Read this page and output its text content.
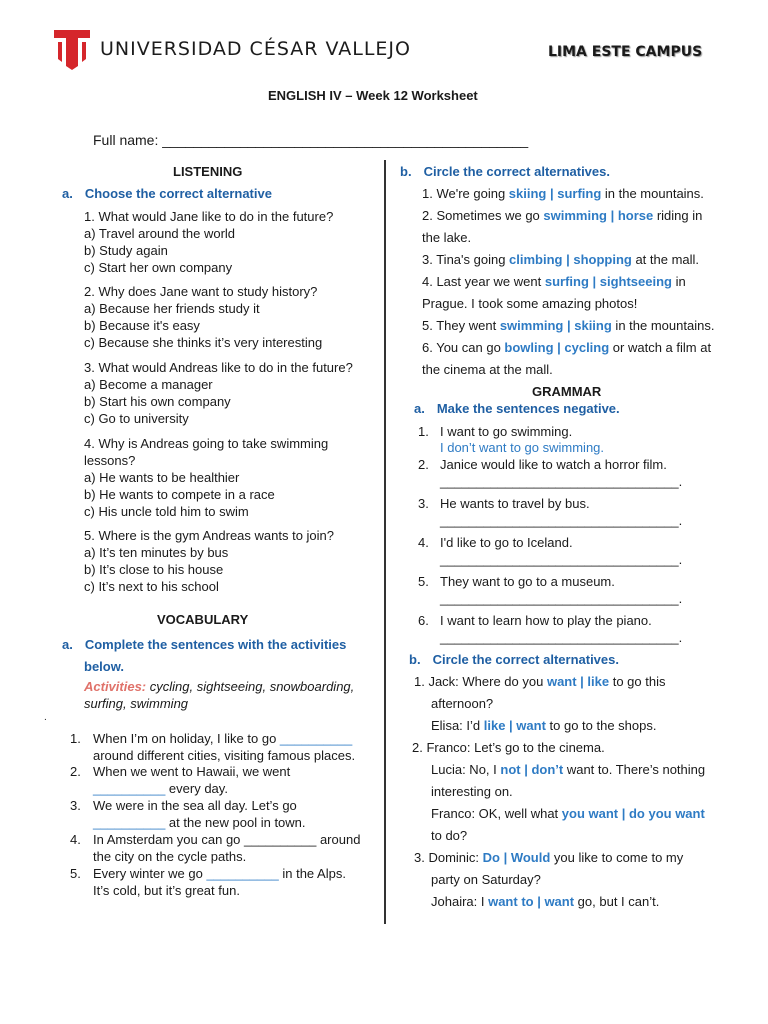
UNIVERSIDAD CÉSAR VALLEJO	LIMA ESTE CAMPUS
ENGLISH IV – Week 12 Worksheet
Full name: _______________________________________________
LISTENING
a. Choose the correct alternative
1. What would Jane like to do in the future?
a) Travel around the world
b) Study again
c) Start her own company
2. Why does Jane want to study history?
a) Because her friends study it
b) Because it's easy
c) Because she thinks it’s very interesting
3. What would Andreas like to do in the future?
a) Become a manager
b) Start his own company
c) Go to university
4. Why is Andreas going to take swimming
lessons?
a) He wants to be healthier
b) He wants to compete in a race
c) His uncle told him to swim
5. Where is the gym Andreas wants to join?
a) It’s ten minutes by bus
b) It’s close to his house
c) It’s next to his school
VOCABULARY
a. Complete the sentences with the activities
below.
Activities: cycling, sightseeing, snowboarding,
surfing, swimming
.
1. When I’m on holiday, I like to go __________
around different cities, visiting famous places.
2. When we went to Hawaii, we went
__________ every day.
3. We were in the sea all day. Let’s go
__________ at the new pool in town.
4. In Amsterdam you can go __________ around
the city on the cycle paths.
5. Every winter we go __________ in the Alps.
It’s cold, but it’s great fun.
b. Circle the correct alternatives.
1. We're going skiing | surfing in the mountains.
2. Sometimes we go swimming | horse riding in
the lake.
3. Tina's going climbing | shopping at the mall.
4. Last year we went surfing | sightseeing in
Prague. I took some amazing photos!
5. They went swimming | skiing in the mountains.
6. You can go bowling | cycling or watch a film at
the cinema at the mall.
GRAMMAR
a. Make the sentences negative.
1. I want to go swimming.
I don’t want to go swimming.
2. Janice would like to watch a horror film.
_________________________________.
3. He wants to travel by bus.
_________________________________.
4. I'd like to go to Iceland.
_________________________________.
5. They want to go to a museum.
_________________________________.
6. I want to learn how to play the piano.
_________________________________.
b. Circle the correct alternatives.
1. Jack: Where do you want | like to go this
afternoon?
Elisa: I’d like | want to go to the shops.
2. Franco: Let’s go to the cinema.
Lucia: No, I not | don’t want to. There’s nothing
interesting on.
Franco: OK, well what you want | do you want
to do?
3. Dominic: Do | Would you like to come to my
party on Saturday?
Johaira: I want to | want go, but I can’t.
